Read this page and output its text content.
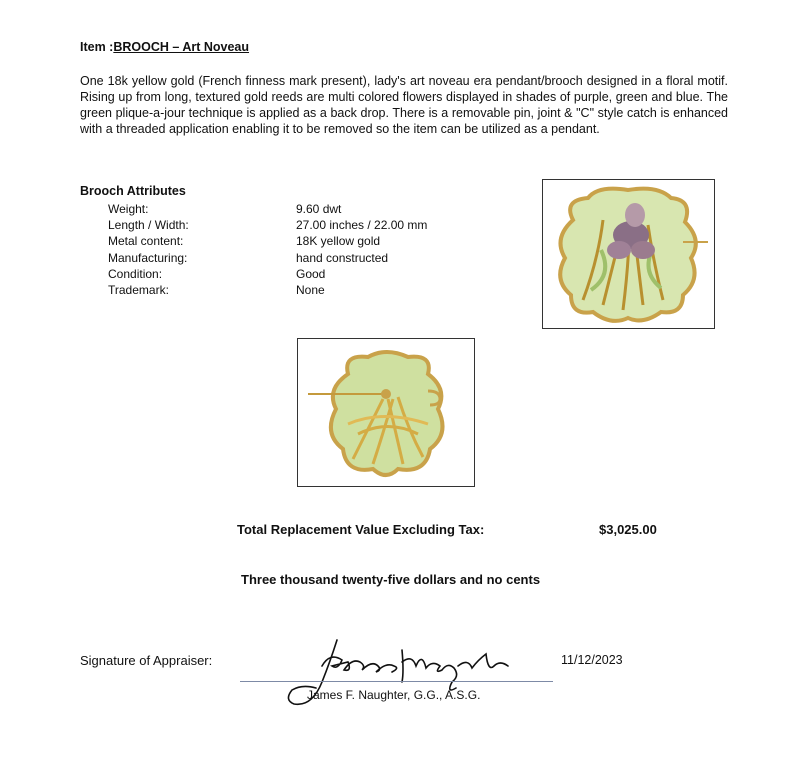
Item :BROOCH – Art Noveau
One 18k yellow gold (French finness mark present), lady's art noveau era pendant/brooch designed in a floral motif. Rising up from long, textured gold reeds are multi colored flowers displayed in shades of purple, green and blue. The green plique-a-jour technique is applied as a back drop. There is a removable pin, joint & "C" style catch is enhanced with a threaded application enabling it to be removed so the item can be utilized as a pendant.
Brooch Attributes
Weight:	9.60 dwt
Length / Width:	27.00 inches / 22.00 mm
Metal content:	18K yellow gold
Manufacturing:	hand constructed
Condition:	Good
Trademark:	None
Total Replacement Value Excluding Tax:	$3,025.00
Three thousand twenty-five dollars and no cents
Signature of Appraiser:	11/12/2023
James F. Naughter, G.G., A.S.G.
